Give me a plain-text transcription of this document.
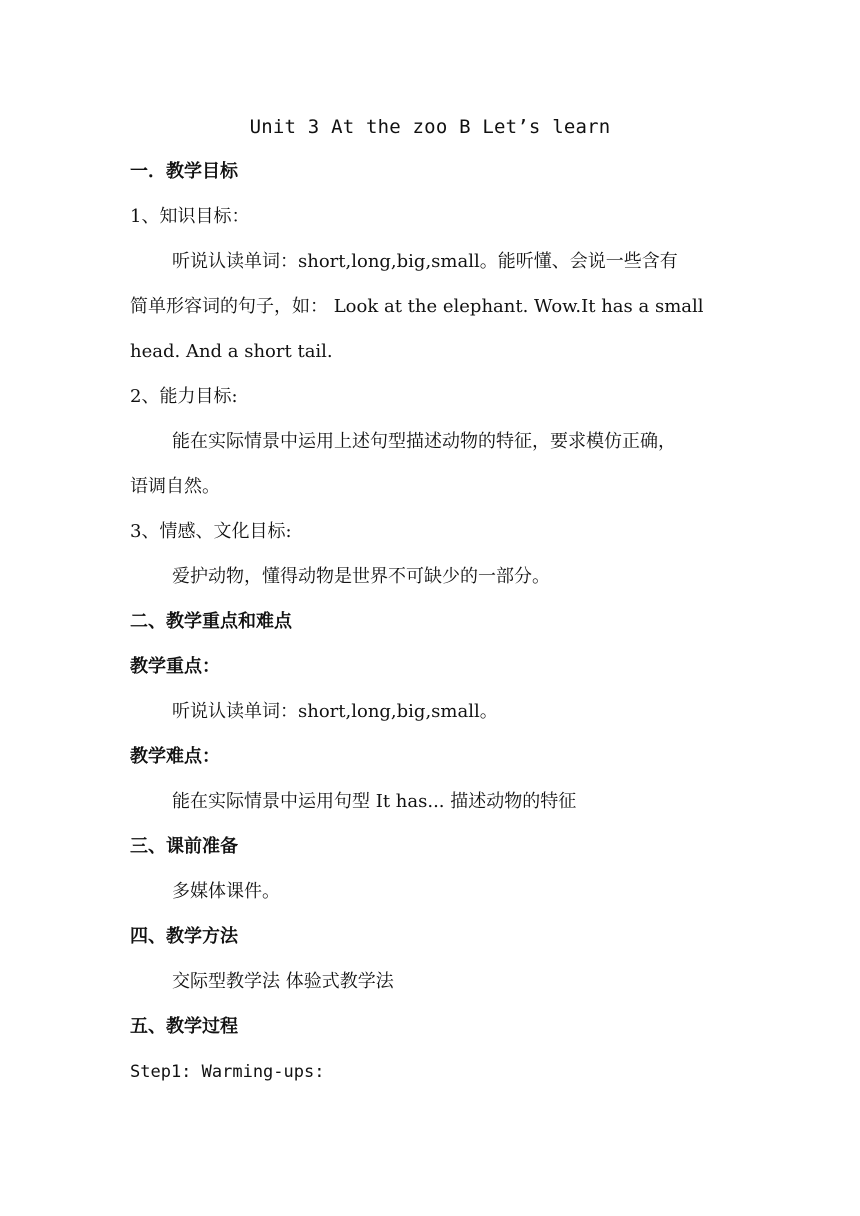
Unit 3 At the zoo B Let’s learn
一．教学目标
1、知识目标：
听说认读单词：short,long,big,small。能听懂、会说一些含有
简单形容词的句子，如： Look at the elephant. Wow.It has a small
head. And a short tail.
2、能力目标:
能在实际情景中运用上述句型描述动物的特征，要求模仿正确，
语调自然。
3、情感、文化目标:
爱护动物，懂得动物是世界不可缺少的一部分。
二、教学重点和难点
教学重点：
听说认读单词：short,long,big,small。
教学难点：
能在实际情景中运用句型 It has... 描述动物的特征
三、课前准备
多媒体课件。
四、教学方法
交际型教学法 体验式教学法
五、教学过程
Step1: Warming-ups:
